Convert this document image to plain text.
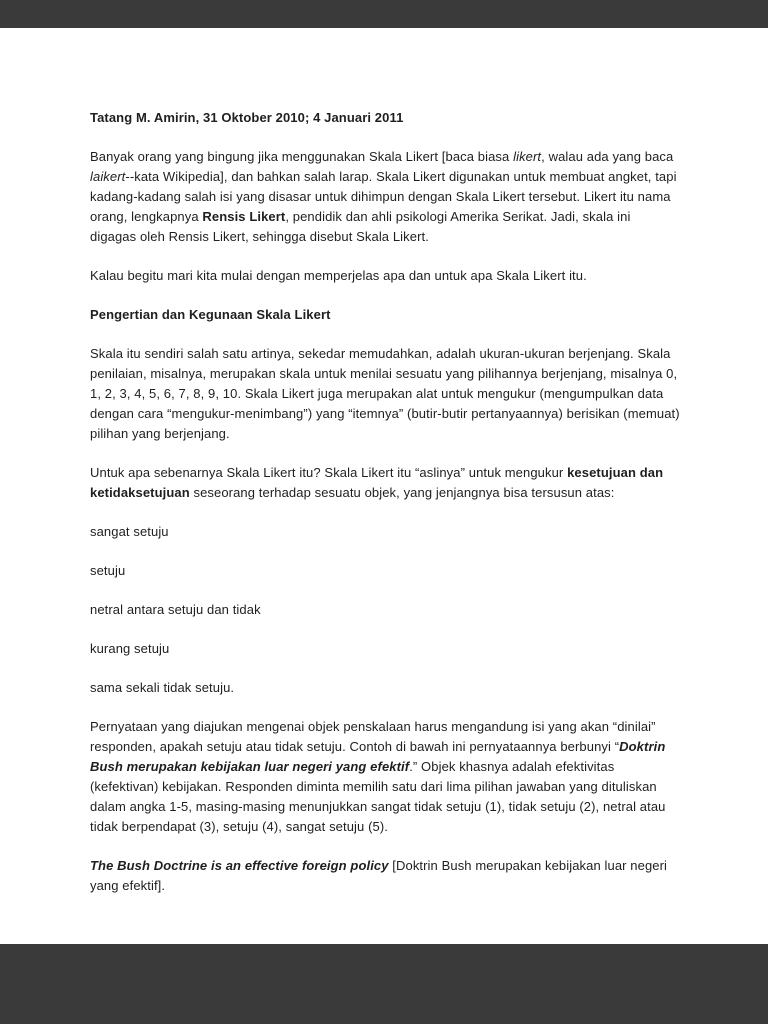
Tatang M. Amirin, 31 Oktober 2010; 4 Januari 2011

Banyak orang yang bingung jika menggunakan Skala Likert [baca biasa likert, walau ada yang baca laikert--kata Wikipedia], dan bahkan salah larap. Skala Likert digunakan untuk membuat angket, tapi kadang-kadang salah isi yang disasar untuk dihimpun dengan Skala Likert tersebut. Likert itu nama orang, lengkapnya Rensis Likert, pendidik dan ahli psikologi Amerika Serikat. Jadi, skala ini digagas oleh Rensis Likert, sehingga disebut Skala Likert.

Kalau begitu mari kita mulai dengan memperjelas apa dan untuk apa Skala Likert itu.

Pengertian dan Kegunaan Skala Likert

Skala itu sendiri salah satu artinya, sekedar memudahkan, adalah ukuran-ukuran berjenjang. Skala penilaian, misalnya, merupakan skala untuk menilai sesuatu yang pilihannya berjenjang, misalnya 0, 1, 2, 3, 4, 5, 6, 7, 8, 9, 10. Skala Likert juga merupakan alat untuk mengukur (mengumpulkan data dengan cara “mengukur-menimbang”) yang “itemnya” (butir-butir pertanyaannya) berisikan (memuat) pilihan yang berjenjang.

Untuk apa sebenarnya Skala Likert itu? Skala Likert itu “aslinya” untuk mengukur kesetujuan dan ketidaksetujuan seseorang terhadap sesuatu objek, yang jenjangnya bisa tersusun atas:

sangat setuju

setuju

netral antara setuju dan tidak

kurang setuju

sama sekali tidak setuju.

Pernyataan yang diajukan mengenai objek penskalaan harus mengandung isi yang akan “dinilai” responden, apakah setuju atau tidak setuju. Contoh di bawah ini pernyataannya berbunyi “Doktrin Bush merupakan kebijakan luar negeri yang efektif.” Objek khasnya adalah efektivitas (kefektivan) kebijakan. Responden diminta memilih satu dari lima pilihan jawaban yang dituliskan dalam angka 1-5, masing-masing menunjukkan sangat tidak setuju (1), tidak setuju (2), netral atau tidak berpendapat (3), setuju (4), sangat setuju (5).

The Bush Doctrine is an effective foreign policy [Doktrin Bush merupakan kebijakan luar negeri yang efektif].
